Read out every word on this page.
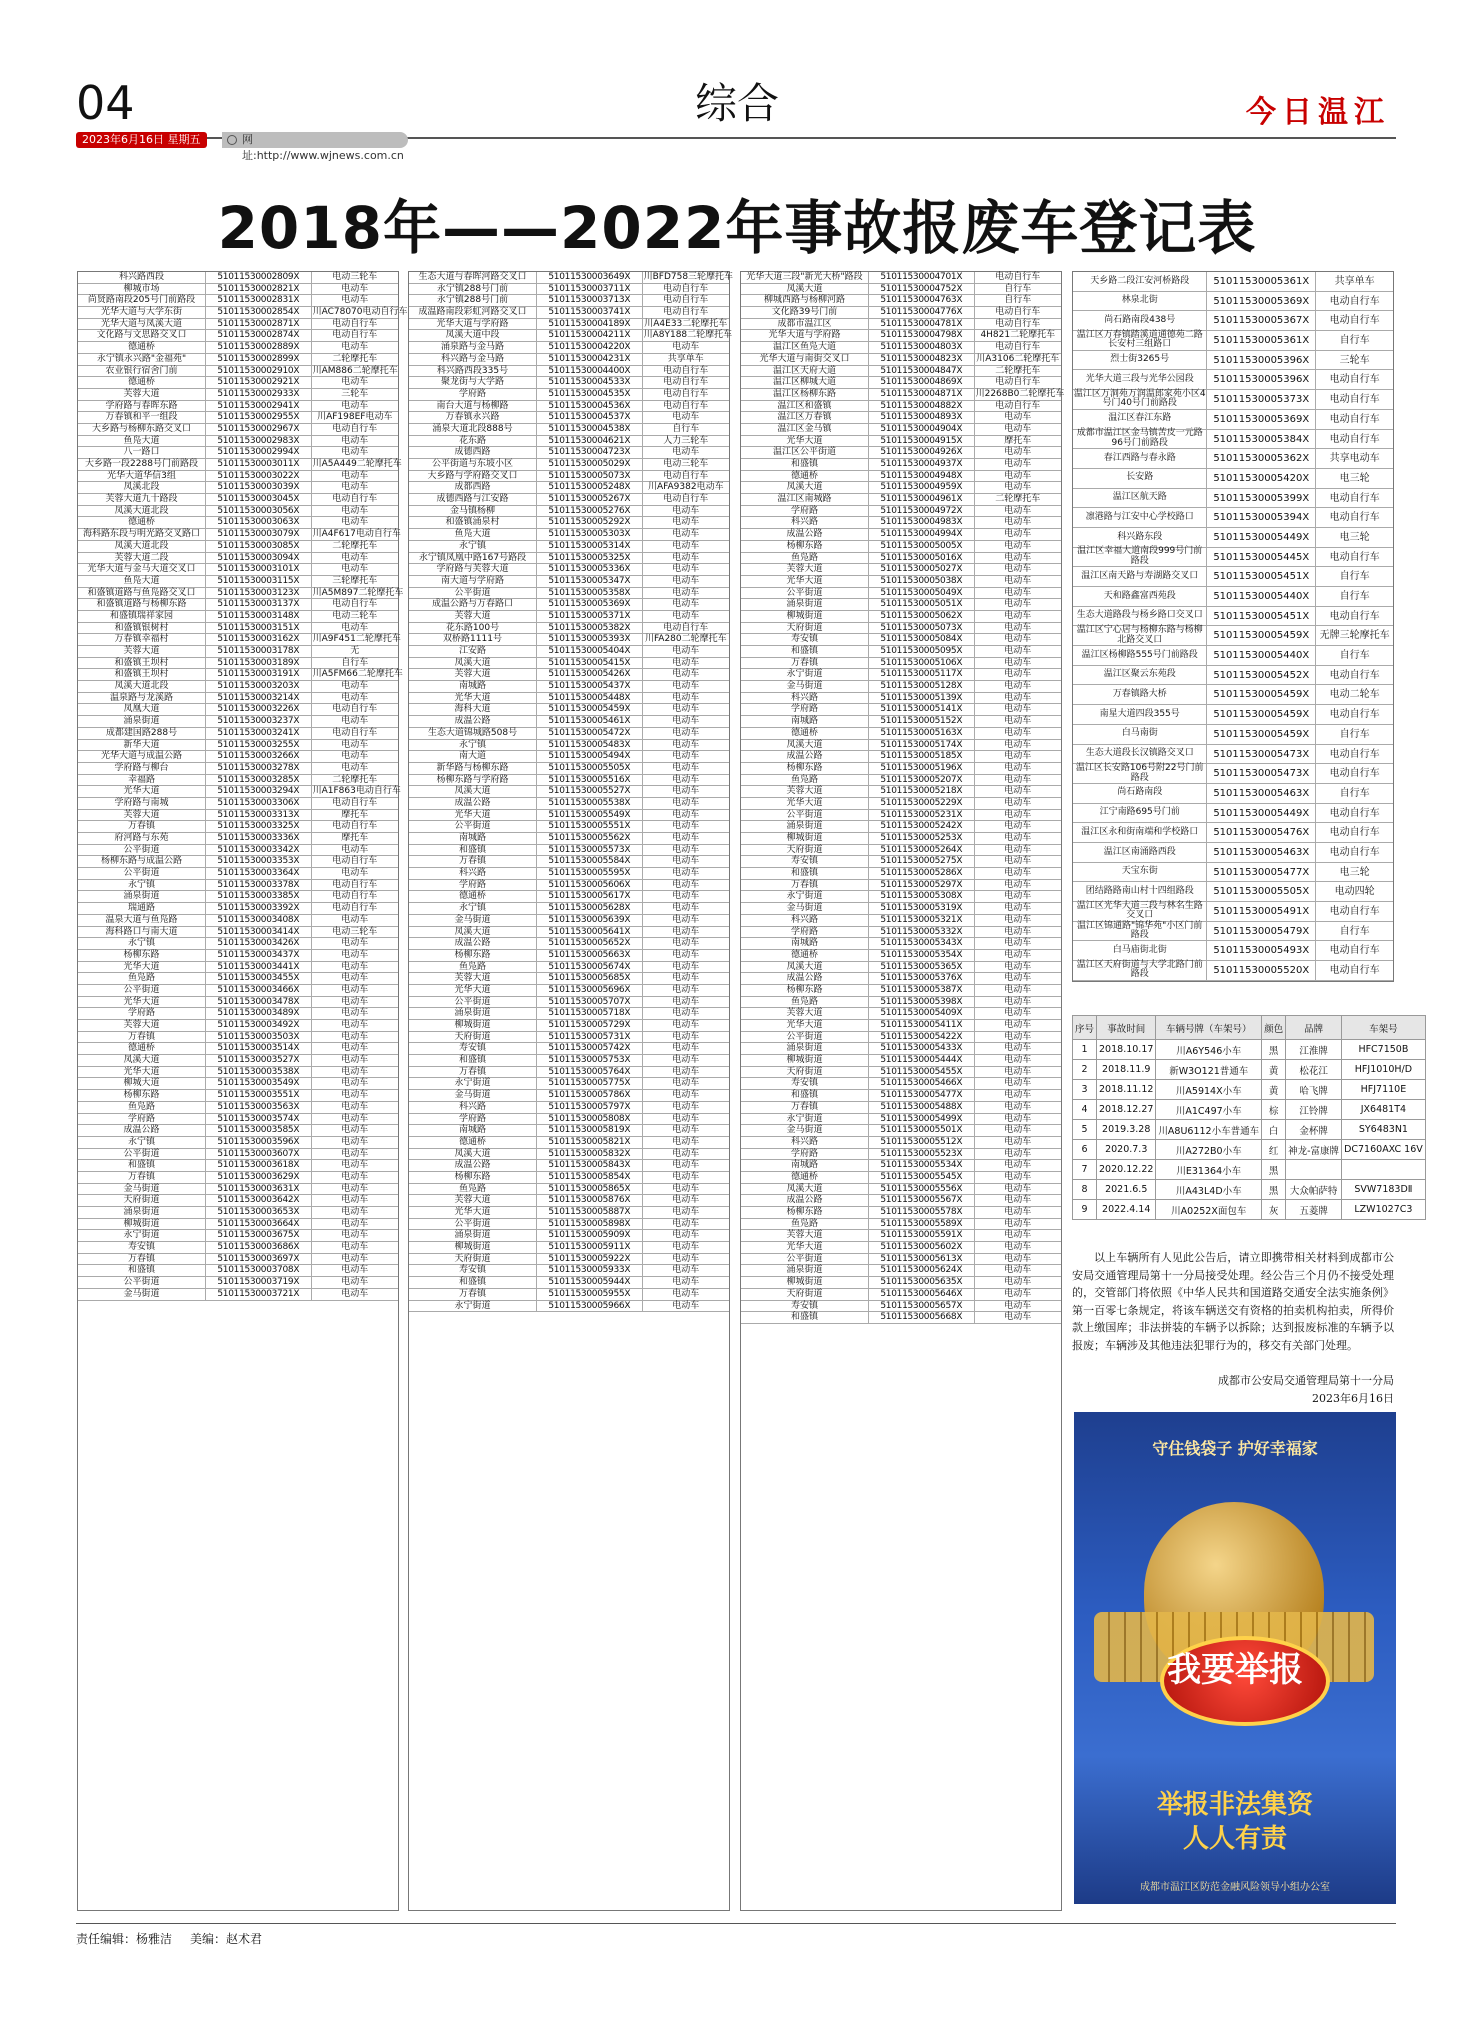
04	综合	今日温江
2023年6月16日 星期五	网址:http://www.wjnews.com.cn
2018年——2022年事故报废车登记表
科兴路西段	51011530002809X	电动三轮车
柳城市场	51011530002821X	电动车
尚贤路南段205号门前路段	51011530002831X	电动车
光华大道与大学东街	51011530002854X	川AC78070电动自行车
光华大道与凤溪大道	51011530002871X	电动自行车
文化路与文思路交叉口	51011530002874X	电动自行车
德通桥	51011530002889X	电动车
永宁镇永兴路"金福苑"	51011530002899X	二轮摩托车
农业银行宿舍门前	51011530002910X	川AM886二轮摩托车
德通桥	51011530002921X	电动车
芙蓉大道	51011530002933X	三轮车
学府路与春晖东路	51011530002941X	电动车
万春镇和平一组段	51011530002955X	川AF198EF电动车
大乡路与杨柳东路交叉口	51011530002967X	电动自行车
鱼凫大道	51011530002983X	电动车
八一路口	51011530002994X	电动车
大乡路一段2288号门前路段	51011530003011X	川A5A449二轮摩托车
光华大道华信3组	51011530003022X	电动车
凤溪北段	51011530003039X	电动车
芙蓉大道九十路段	51011530003045X	电动自行车
凤溪大道北段	51011530003056X	电动车
德通桥	51011530003063X	电动车
海科路东段与明光路交叉路口	51011530003079X	川A4F617电动自行车
凤溪大道北段	51011530003085X	二轮摩托车
芙蓉大道二段	51011530003094X	电动车
光华大道与金马大道交叉口	51011530003101X	电动车
鱼凫大道	51011530003115X	三轮摩托车
和盛镇道路与鱼凫路交叉口	51011530003123X	川A5M897二轮摩托车
和盛镇道路与杨柳东路	51011530003137X	电动自行车
和盛镇瑞祥家园	51011530003148X	电动三轮车
和盛镇银树村	51011530003151X	电动车
万春镇幸福村	51011530003162X	川A9F451二轮摩托车
芙蓉大道	51011530003178X	无
和盛镇王坝村	51011530003189X	自行车
和盛镇王坝村	51011530003191X	川A5FM66二轮摩托车
凤溪大道北段	51011530003203X	电动车
温泉路与龙溪路	51011530003214X	电动车
凤凰大道	51011530003226X	电动自行车
涌泉街道	51011530003237X	电动车
成都建国路288号	51011530003241X	电动自行车
新华大道	51011530003255X	电动车
光华大道与成温公路	51011530003266X	电动车
学府路与柳台	51011530003278X	电动车
幸福路	51011530003285X	二轮摩托车
光华大道	51011530003294X	川A1F863电动自行车
学府路与南城	51011530003306X	电动自行车
芙蓉大道	51011530003313X	摩托车
万春镇	51011530003325X	电动自行车
府河路与东苑	51011530003336X	摩托车
公平街道	51011530003342X	电动车
杨柳东路与成温公路	51011530003353X	电动自行车
公平街道	51011530003364X	电动车
永宁镇	51011530003378X	电动自行车
涌泉街道	51011530003385X	电动自行车
瑞通路	51011530003392X	电动自行车
温泉大道与鱼凫路	51011530003408X	电动车
海科路口与南大道	51011530003414X	电动三轮车
永宁镇	51011530003426X	电动车
杨柳东路	51011530003437X	电动车
光华大道	51011530003441X	电动车
鱼凫路	51011530003455X	电动车
公平街道	51011530003466X	电动车
光华大道	51011530003478X	电动车
学府路	51011530003489X	电动车
芙蓉大道	51011530003492X	电动车
万春镇	51011530003503X	电动车
德通桥	51011530003514X	电动车
凤溪大道	51011530003527X	电动车
光华大道	51011530003538X	电动车
柳城大道	51011530003549X	电动车
杨柳东路	51011530003551X	电动车
鱼凫路	51011530003563X	电动车
学府路	51011530003574X	电动车
成温公路	51011530003585X	电动车
永宁镇	51011530003596X	电动车
公平街道	51011530003607X	电动车
和盛镇	51011530003618X	电动车
万春镇	51011530003629X	电动车
金马街道	51011530003631X	电动车
天府街道	51011530003642X	电动车
涌泉街道	51011530003653X	电动车
柳城街道	51011530003664X	电动车
永宁街道	51011530003675X	电动车
寿安镇	51011530003686X	电动车
万春镇	51011530003697X	电动车
和盛镇	51011530003708X	电动车
公平街道	51011530003719X	电动车
金马街道	51011530003721X	电动车
生态大道与春晖河路交叉口	51011530003649X	川BFD758三轮摩托车
永宁镇288号门前	51011530003711X	电动自行车
永宁镇288号门前	51011530003713X	电动自行车
成温路南段彩虹河路交叉口	51011530003741X	电动自行车
光华大道与学府路	51011530004189X	川A4E33二轮摩托车
凤溪大道中段	51011530004211X	川A8Y188二轮摩托车
涌泉路与金马路	51011530004220X	电动车
科兴路与金马路	51011530004231X	共享单车
科兴路西段335号	51011530004400X	电动自行车
聚龙街与大学路	51011530004533X	电动自行车
学府路	51011530004535X	电动自行车
南台大道与杨柳路	51011530004536X	电动自行车
万春镇永兴路	51011530004537X	电动车
涌泉大道北段888号	51011530004538X	自行车
花东路	51011530004621X	人力三轮车
成德西路	51011530004723X	电动车
公平街道与东坡小区	51011530005029X	电动三轮车
大乡路与学府路交叉口	51011530005073X	电动自行车
成都西路	51011530005248X	川AFA9382电动车
成德西路与江安路	51011530005267X	电动自行车
金马镇杨柳	51011530005276X	电动车
和盛镇涌泉村	51011530005292X	电动车
鱼凫大道	51011530005303X	电动车
永宁镇	51011530005314X	电动车
永宁镇凤凰中路167号路段	51011530005325X	电动车
学府路与芙蓉大道	51011530005336X	电动车
南大道与学府路	51011530005347X	电动车
公平街道	51011530005358X	电动车
成温公路与万春路口	51011530005369X	电动车
芙蓉大道	51011530005371X	电动车
花东路100号	51011530005382X	电动自行车
双桥路1111号	51011530005393X	川FA280二轮摩托车
江安路	51011530005404X	电动车
凤溪大道	51011530005415X	电动车
芙蓉大道	51011530005426X	电动车
南城路	51011530005437X	电动车
光华大道	51011530005448X	电动车
海科大道	51011530005459X	电动车
成温公路	51011530005461X	电动车
生态大道锦城路508号	51011530005472X	电动车
永宁镇	51011530005483X	电动车
南大道	51011530005494X	电动车
新华路与杨柳东路	51011530005505X	电动车
杨柳东路与学府路	51011530005516X	电动车
凤溪大道	51011530005527X	电动车
成温公路	51011530005538X	电动车
光华大道	51011530005549X	电动车
公平街道	51011530005551X	电动车
南城路	51011530005562X	电动车
和盛镇	51011530005573X	电动车
万春镇	51011530005584X	电动车
科兴路	51011530005595X	电动车
学府路	51011530005606X	电动车
德通桥	51011530005617X	电动车
永宁镇	51011530005628X	电动车
金马街道	51011530005639X	电动车
凤溪大道	51011530005641X	电动车
成温公路	51011530005652X	电动车
杨柳东路	51011530005663X	电动车
鱼凫路	51011530005674X	电动车
芙蓉大道	51011530005685X	电动车
光华大道	51011530005696X	电动车
公平街道	51011530005707X	电动车
涌泉街道	51011530005718X	电动车
柳城街道	51011530005729X	电动车
天府街道	51011530005731X	电动车
寿安镇	51011530005742X	电动车
和盛镇	51011530005753X	电动车
万春镇	51011530005764X	电动车
永宁街道	51011530005775X	电动车
金马街道	51011530005786X	电动车
科兴路	51011530005797X	电动车
学府路	51011530005808X	电动车
南城路	51011530005819X	电动车
德通桥	51011530005821X	电动车
凤溪大道	51011530005832X	电动车
成温公路	51011530005843X	电动车
杨柳东路	51011530005854X	电动车
鱼凫路	51011530005865X	电动车
芙蓉大道	51011530005876X	电动车
光华大道	51011530005887X	电动车
公平街道	51011530005898X	电动车
涌泉街道	51011530005909X	电动车
柳城街道	51011530005911X	电动车
天府街道	51011530005922X	电动车
寿安镇	51011530005933X	电动车
和盛镇	51011530005944X	电动车
万春镇	51011530005955X	电动车
永宁街道	51011530005966X	电动车
光华大道三段"新光大桥"路段	51011530004701X	电动自行车
凤溪大道	51011530004752X	自行车
柳城西路与杨柳河路	51011530004763X	自行车
文化路39号门前	51011530004776X	电动自行车
成都市温江区	51011530004781X	电动自行车
光华大道与学府路	51011530004798X	4H821二轮摩托车
温江区鱼凫大道	51011530004803X	电动自行车
光华大道与南街交叉口	51011530004823X	川A3106二轮摩托车
温江区天府大道	51011530004847X	二轮摩托车
温江区柳城大道	51011530004869X	电动自行车
温江区杨柳东路	51011530004871X	川2268B0二轮摩托车
温江区和盛镇	51011530004882X	电动自行车
温江区万春镇	51011530004893X	电动车
温江区金马镇	51011530004904X	电动车
光华大道	51011530004915X	摩托车
温江区公平街道	51011530004926X	电动车
和盛镇	51011530004937X	电动车
德通桥	51011530004948X	电动车
凤溪大道	51011530004959X	电动车
温江区南城路	51011530004961X	二轮摩托车
学府路	51011530004972X	电动车
科兴路	51011530004983X	电动车
成温公路	51011530004994X	电动车
杨柳东路	51011530005005X	电动车
鱼凫路	51011530005016X	电动车
芙蓉大道	51011530005027X	电动车
光华大道	51011530005038X	电动车
公平街道	51011530005049X	电动车
涌泉街道	51011530005051X	电动车
柳城街道	51011530005062X	电动车
天府街道	51011530005073X	电动车
寿安镇	51011530005084X	电动车
和盛镇	51011530005095X	电动车
万春镇	51011530005106X	电动车
永宁街道	51011530005117X	电动车
金马街道	51011530005128X	电动车
科兴路	51011530005139X	电动车
学府路	51011530005141X	电动车
南城路	51011530005152X	电动车
德通桥	51011530005163X	电动车
凤溪大道	51011530005174X	电动车
成温公路	51011530005185X	电动车
杨柳东路	51011530005196X	电动车
鱼凫路	51011530005207X	电动车
芙蓉大道	51011530005218X	电动车
光华大道	51011530005229X	电动车
公平街道	51011530005231X	电动车
涌泉街道	51011530005242X	电动车
柳城街道	51011530005253X	电动车
天府街道	51011530005264X	电动车
寿安镇	51011530005275X	电动车
和盛镇	51011530005286X	电动车
万春镇	51011530005297X	电动车
永宁街道	51011530005308X	电动车
金马街道	51011530005319X	电动车
科兴路	51011530005321X	电动车
学府路	51011530005332X	电动车
南城路	51011530005343X	电动车
德通桥	51011530005354X	电动车
凤溪大道	51011530005365X	电动车
成温公路	51011530005376X	电动车
杨柳东路	51011530005387X	电动车
鱼凫路	51011530005398X	电动车
芙蓉大道	51011530005409X	电动车
光华大道	51011530005411X	电动车
公平街道	51011530005422X	电动车
涌泉街道	51011530005433X	电动车
柳城街道	51011530005444X	电动车
天府街道	51011530005455X	电动车
寿安镇	51011530005466X	电动车
和盛镇	51011530005477X	电动车
万春镇	51011530005488X	电动车
永宁街道	51011530005499X	电动车
金马街道	51011530005501X	电动车
科兴路	51011530005512X	电动车
学府路	51011530005523X	电动车
南城路	51011530005534X	电动车
德通桥	51011530005545X	电动车
凤溪大道	51011530005556X	电动车
成温公路	51011530005567X	电动车
杨柳东路	51011530005578X	电动车
鱼凫路	51011530005589X	电动车
芙蓉大道	51011530005591X	电动车
光华大道	51011530005602X	电动车
公平街道	51011530005613X	电动车
涌泉街道	51011530005624X	电动车
柳城街道	51011530005635X	电动车
天府街道	51011530005646X	电动车
寿安镇	51011530005657X	电动车
和盛镇	51011530005668X	电动车
天乡路二段江安河桥路段	51011530005361X	共享单车
林泉北街	51011530005369X	电动自行车
尚石路南段438号	51011530005367X	电动自行车
温江区万春镇踏溪道通德苑二路长安村三组路口	51011530005361X	自行车
烈士街3265号	51011530005396X	三轮车
光华大道三段与光华公园段	51011530005396X	电动自行车
温江区万洞苑万润温郎家苑小区4号门40号门前路段	51011530005373X	电动自行车
温江区春江东路	51011530005369X	电动自行车
成都市温江区金马镇苦皮一元路96号门前路段	51011530005384X	电动自行车
春江西路与春永路	51011530005362X	共享电动车
长安路	51011530005420X	电三轮
温江区航天路	51011530005399X	电动自行车
凛港路与江安中心学校路口	51011530005394X	电动自行车
科兴路东段	51011530005449X	电三轮
温江区幸福大道南段999号门前路段	51011530005445X	电动自行车
温江区南天路与寿湖路交叉口	51011530005451X	自行车
天和路鑫富西苑段	51011530005440X	自行车
生态大道路段与杨乡路口交叉口	51011530005451X	电动自行车
温江区宁心居与杨柳东路与杨柳北路交叉口	51011530005459X	无牌三轮摩托车
温江区杨柳路555号门前路段	51011530005440X	自行车
温江区聚云东苑段	51011530005452X	电动自行车
万春镇路大桥	51011530005459X	电动二轮车
南星大道四段355号	51011530005459X	电动自行车
白马南街	51011530005459X	自行车
生态大道段长汉镇路交叉口	51011530005473X	电动自行车
温江区长安路106号附22号门前路段	51011530005473X	电动自行车
尚石路南段	51011530005463X	自行车
江宁南路695号门前	51011530005449X	电动自行车
温江区永和街南端和学校路口	51011530005476X	电动自行车
温江区南涌路西段	51011530005463X	电动自行车
天宝东街	51011530005477X	电三轮
团结路路南山村十四组路段	51011530005505X	电动四轮
温江区光华大道三段与林名生路交叉口	51011530005491X	电动自行车
温江区锦通路"锦华苑"小区门前路段	51011530005479X	自行车
白马庙街北街	51011530005493X	电动自行车
温江区天府街道与大学北路门前路段	51011530005520X	电动自行车
序号	事故时间	车辆号牌（车架号）	颜色	品牌	车架号
1	2018.10.17	川A6Y546小车	黑	江淮牌	HFC7150B
2	2018.11.9	新W3O121普通车	黄	松花江	HFJ1010H/D
3	2018.11.12	川A5914X小车	黄	哈飞牌	HFJ7110E
4	2018.12.27	川A1C497小车	棕	江铃牌	JX6481T4
5	2019.3.28	川A8U6112小车普通车	白	金杯牌	SY6483N1
6	2020.7.3	川A272B0小车	红	神龙-富康牌	DC7160AXC 16V
7	2020.12.22	川E31364小车	黑		
8	2021.6.5	川A43L4D小车	黑	大众帕萨特	SVW7183DⅡ
9	2022.4.14	川A0252X面包车	灰	五菱牌	LZW1027C3
以上车辆所有人见此公告后，请立即携带相关材料到成都市公安局交通管理局第十一分局接受处理。经公告三个月仍不接受处理的，交管部门将依照《中华人民共和国道路交通安全法实施条例》第一百零七条规定，将该车辆送交有资格的拍卖机构拍卖，所得价款上缴国库；非法拼装的车辆予以拆除；达到报废标准的车辆予以报废；车辆涉及其他违法犯罪行为的，移交有关部门处理。
成都市公安局交通管理局第十一分局
2023年6月16日
守住钱袋子 护好幸福家
我要举报
举报非法集资
人人有责
成都市温江区防范金融风险领导小组办公室
责任编辑：杨雅洁 美编：赵术君
